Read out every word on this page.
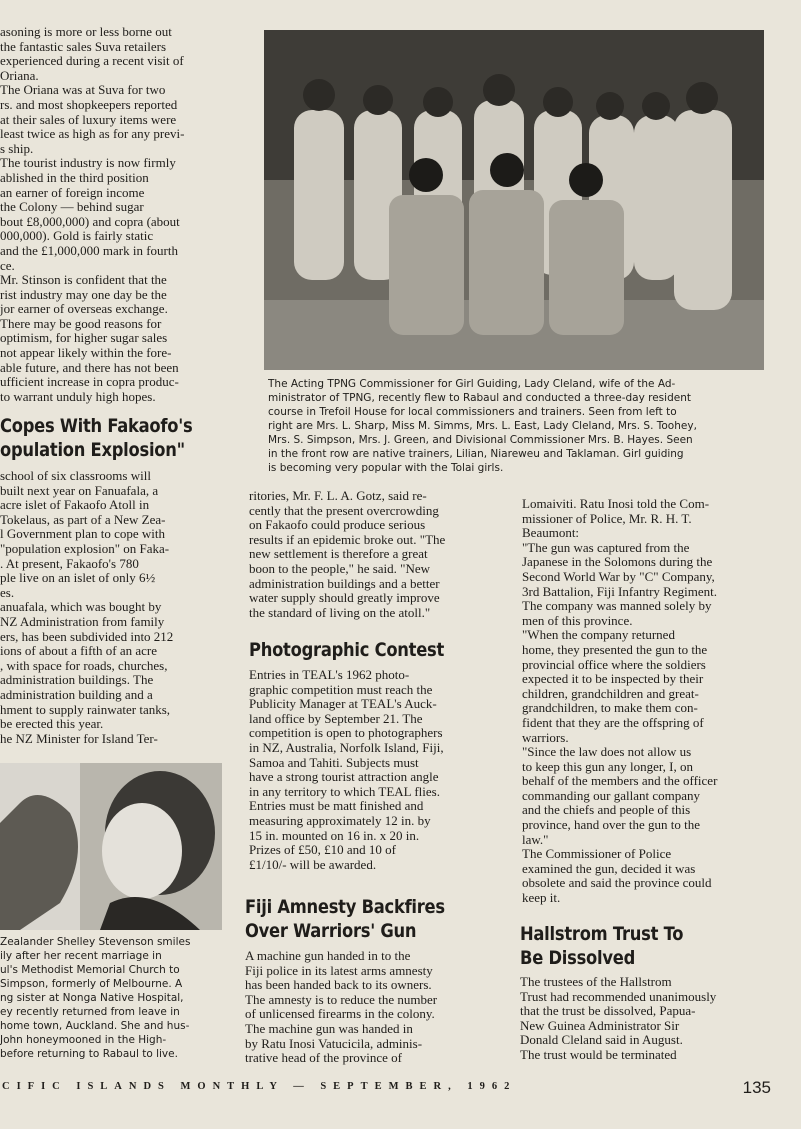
asoning is more or less borne out
the fantastic sales Suva retailers
experienced during a recent visit of
Oriana.
The Oriana was at Suva for two
rs. and most shopkeepers reported
at their sales of luxury items were
least twice as high as for any previ-
s ship.
The tourist industry is now firmly
ablished in the third position
an earner of foreign income
the Colony — behind sugar
bout £8,000,000) and copra (about
000,000). Gold is fairly static
and the £1,000,000 mark in fourth
ce.
Mr. Stinson is confident that the
rist industry may one day be the
jor earner of overseas exchange.
There may be good reasons for
optimism, for higher sugar sales
not appear likely within the fore-
able future, and there has not been
ufficient increase in copra produc-
to warrant unduly high hopes.
Copes With Fakaofo's
opulation Explosion"
school of six classrooms will
built next year on Fanuafala, a
acre islet of Fakaofo Atoll in
Tokelaus, as part of a New Zea-
l Government plan to cope with
"population explosion" on Faka-
. At present, Fakaofo's 780
ple live on an islet of only 6½
es.
anuafala, which was bought by
NZ Administration from family
ers, has been subdivided into 212
ions of about a fifth of an acre
, with space for roads, churches,
administration buildings. The
administration building and a
hment to supply rainwater tanks,
be erected this year.
he NZ Minister for Island Ter-
Zealander Shelley Stevenson smiles
ily after her recent marriage in
ul's Methodist Memorial Church to
Simpson, formerly of Melbourne. A
ng sister at Nonga Native Hospital,
ey recently returned from leave in
home town, Auckland. She and hus-
John honeymooned in the High-
before returning to Rabaul to live.
The Acting TPNG Commissioner for Girl Guiding, Lady Cleland, wife of the Ad-
ministrator of TPNG, recently flew to Rabaul and conducted a three-day resident
course in Trefoil House for local commissioners and trainers. Seen from left to
right are Mrs. L. Sharp, Miss M. Simms, Mrs. L. East, Lady Cleland, Mrs. S. Toohey,
Mrs. S. Simpson, Mrs. J. Green, and Divisional Commissioner Mrs. B. Hayes. Seen
in the front row are native trainers, Lilian, Niareweu and Taklaman. Girl guiding
is becoming very popular with the Tolai girls.
ritories, Mr. F. L. A. Gotz, said re-
cently that the present overcrowding
on Fakaofo could produce serious
results if an epidemic broke out. "The
new settlement is therefore a great
boon to the people," he said. "New
administration buildings and a better
water supply should greatly improve
the standard of living on the atoll."
Photographic Contest
Entries in TEAL's 1962 photo-
graphic competition must reach the
Publicity Manager at TEAL's Auck-
land office by September 21. The
competition is open to photographers
in NZ, Australia, Norfolk Island, Fiji,
Samoa and Tahiti. Subjects must
have a strong tourist attraction angle
in any territory to which TEAL flies.
Entries must be matt finished and
measuring approximately 12 in. by
15 in. mounted on 16 in. x 20 in.
Prizes of £50, £10 and 10 of
£1/10/- will be awarded.
Fiji Amnesty Backfires
Over Warriors' Gun
A machine gun handed in to the
Fiji police in its latest arms amnesty
has been handed back to its owners.
The amnesty is to reduce the number
of unlicensed firearms in the colony.
The machine gun was handed in
by Ratu Inosi Vatucicila, adminis-
trative head of the province of
Lomaiviti. Ratu Inosi told the Com-
missioner of Police, Mr. R. H. T.
Beaumont:
"The gun was captured from the
Japanese in the Solomons during the
Second World War by "C" Company,
3rd Battalion, Fiji Infantry Regiment.
The company was manned solely by
men of this province.
"When the company returned
home, they presented the gun to the
provincial office where the soldiers
expected it to be inspected by their
children, grandchildren and great-
grandchildren, to make them con-
fident that they are the offspring of
warriors.
"Since the law does not allow us
to keep this gun any longer, I, on
behalf of the members and the officer
commanding our gallant company
and the chiefs and people of this
province, hand over the gun to the
law."
The Commissioner of Police
examined the gun, decided it was
obsolete and said the province could
keep it.
Hallstrom Trust To
Be Dissolved
The trustees of the Hallstrom
Trust had recommended unanimously
that the trust be dissolved, Papua-
New Guinea Administrator Sir
Donald Cleland said in August.
The trust would be terminated
CIFIC ISLANDS MONTHLY — SEPTEMBER, 1962	135
